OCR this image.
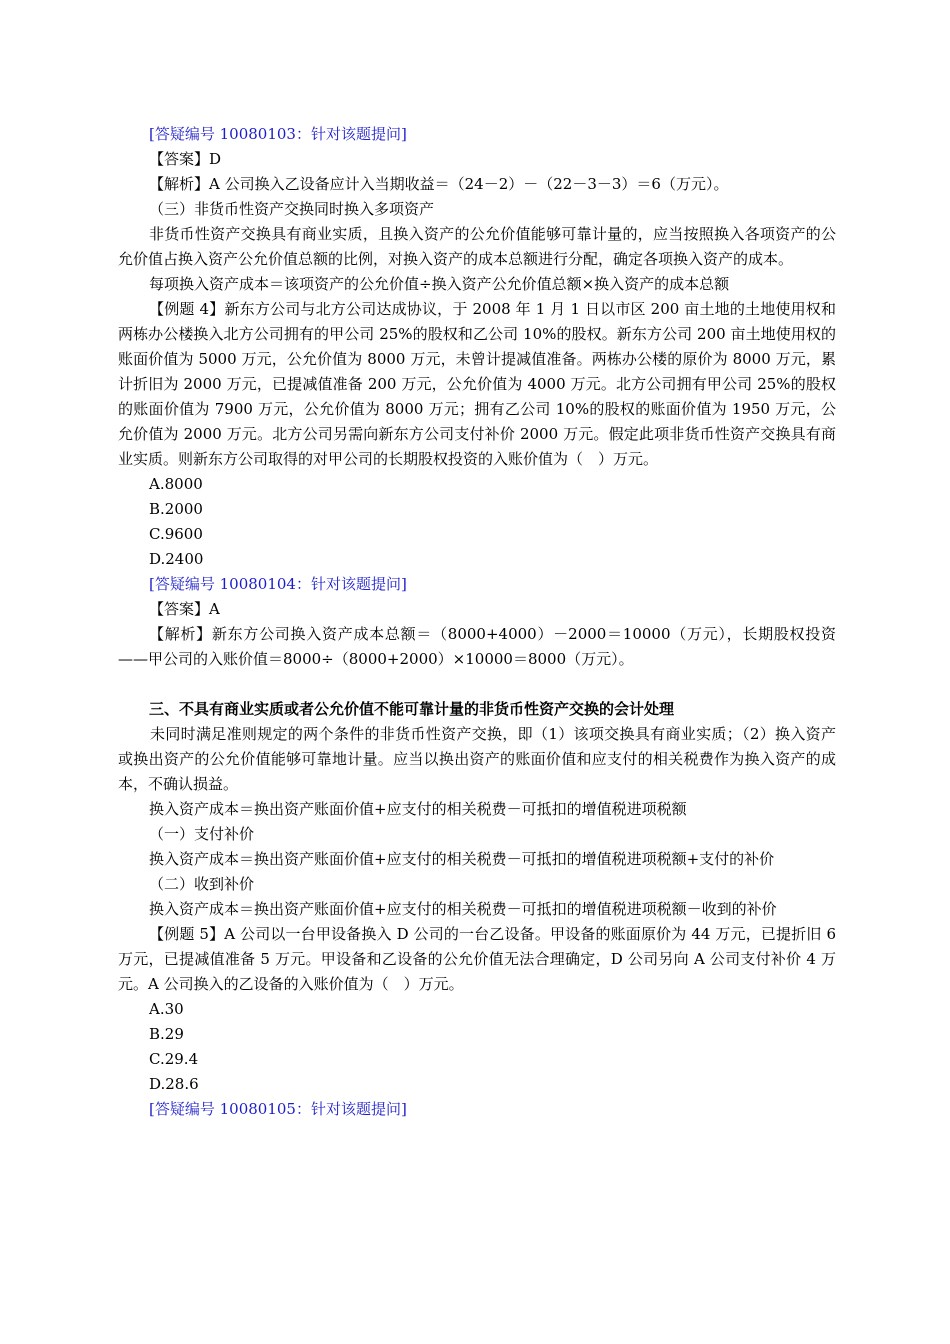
[答疑编号 10080103：针对该题提问]

【答案】D

【解析】A 公司换入乙设备应计入当期收益＝（24－2）－（22－3－3）＝6（万元）。

（三）非货币性资产交换同时换入多项资产

非货币性资产交换具有商业实质，且换入资产的公允价值能够可靠计量的，应当按照换入各项资产的公允价值占换入资产公允价值总额的比例，对换入资产的成本总额进行分配，确定各项换入资产的成本。

每项换入资产成本＝该项资产的公允价值÷换入资产公允价值总额×换入资产的成本总额

【例题 4】新东方公司与北方公司达成协议，于 2008 年 1 月 1 日以市区 200 亩土地的土地使用权和两栋办公楼换入北方公司拥有的甲公司 25%的股权和乙公司 10%的股权。新东方公司 200 亩土地使用权的账面价值为 5000 万元，公允价值为 8000 万元，未曾计提减值准备。两栋办公楼的原价为 8000 万元，累计折旧为 2000 万元，已提减值准备 200 万元，公允价值为 4000 万元。北方公司拥有甲公司 25%的股权的账面价值为 7900 万元，公允价值为 8000 万元；拥有乙公司 10%的股权的账面价值为 1950 万元，公允价值为 2000 万元。北方公司另需向新东方公司支付补价 2000 万元。假定此项非货币性资产交换具有商业实质。则新东方公司取得的对甲公司的长期股权投资的入账价值为（　）万元。

A.8000

B.2000

C.9600

D.2400

[答疑编号 10080104：针对该题提问]

【答案】A

【解析】新东方公司换入资产成本总额＝（8000+4000）－2000＝10000（万元），长期股权投资——甲公司的入账价值＝8000÷（8000+2000）×10000＝8000（万元）。

三、不具有商业实质或者公允价值不能可靠计量的非货币性资产交换的会计处理

未同时满足准则规定的两个条件的非货币性资产交换，即（1）该项交换具有商业实质；（2）换入资产或换出资产的公允价值能够可靠地计量。应当以换出资产的账面价值和应支付的相关税费作为换入资产的成本，不确认损益。

换入资产成本＝换出资产账面价值+应支付的相关税费－可抵扣的增值税进项税额

（一）支付补价

换入资产成本＝换出资产账面价值+应支付的相关税费－可抵扣的增值税进项税额+支付的补价

（二）收到补价

换入资产成本＝换出资产账面价值+应支付的相关税费－可抵扣的增值税进项税额－收到的补价

【例题 5】A 公司以一台甲设备换入 D 公司的一台乙设备。甲设备的账面原价为 44 万元，已提折旧 6 万元，已提减值准备 5 万元。甲设备和乙设备的公允价值无法合理确定，D 公司另向 A 公司支付补价 4 万元。A 公司换入的乙设备的入账价值为（　）万元。

A.30

B.29

C.29.4

D.28.6

[答疑编号 10080105：针对该题提问]
